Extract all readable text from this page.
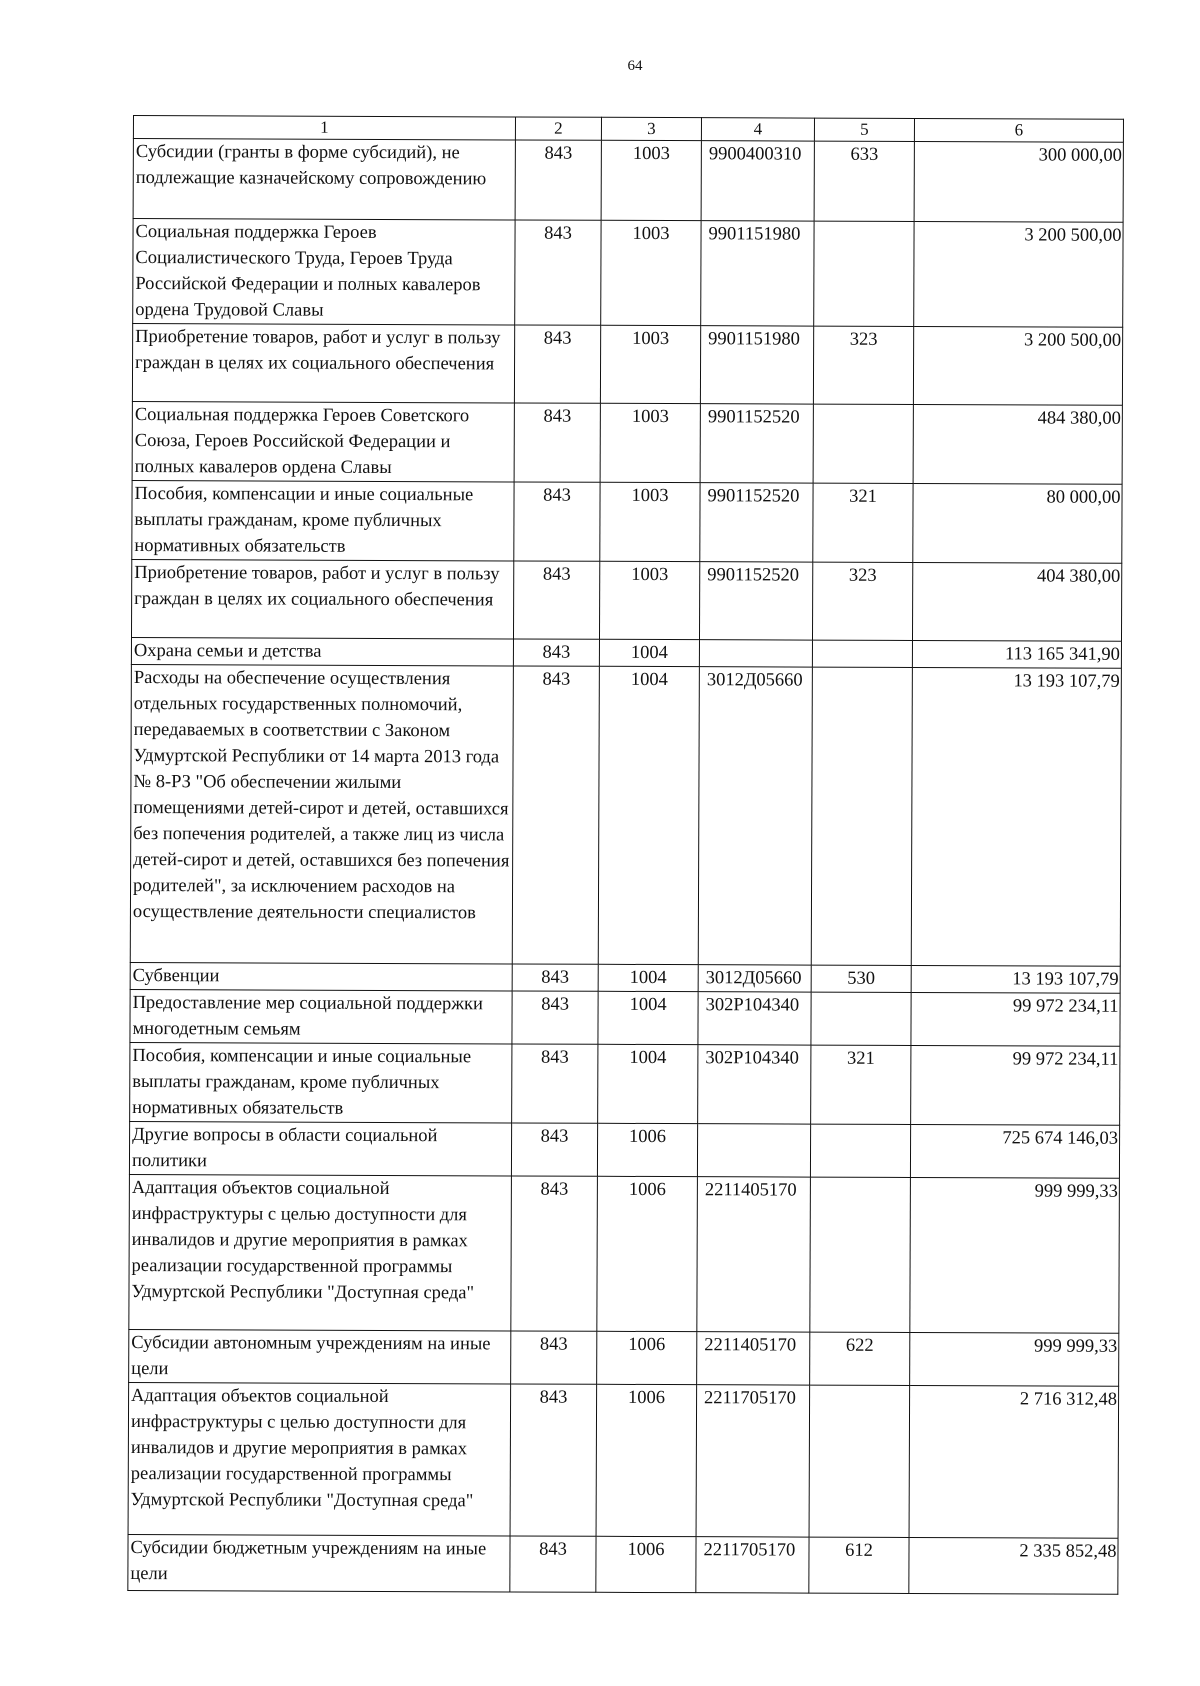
64
1	2	3	4	5	6
Субсидии (гранты в форме субсидий), не подлежащие казначейскому сопровождению	843	1003	9900400310	633	300 000,00
Социальная поддержка Героев Социалистического Труда, Героев Труда Российской Федерации и полных кавалеров ордена Трудовой Славы	843	1003	9901151980		3 200 500,00
Приобретение товаров, работ и услуг в пользу граждан в целях их социального обеспечения	843	1003	9901151980	323	3 200 500,00
Социальная поддержка Героев Советского Союза, Героев Российской Федерации и полных кавалеров ордена Славы	843	1003	9901152520		484 380,00
Пособия, компенсации и иные социальные выплаты гражданам, кроме публичных нормативных обязательств	843	1003	9901152520	321	80 000,00
Приобретение товаров, работ и услуг в пользу граждан в целях их социального обеспечения	843	1003	9901152520	323	404 380,00
Охрана семьи и детства	843	1004			113 165 341,90
Расходы на обеспечение осуществления отдельных государственных полномочий, передаваемых в соответствии с Законом Удмуртской Республики от 14 марта 2013 года № 8-РЗ "Об обеспечении жилыми помещениями детей-сирот и детей, оставшихся без попечения родителей, а также лиц из числа детей-сирот и детей, оставшихся без попечения родителей", за исключением расходов на осуществление деятельности специалистов	843	1004	3012Д05660		13 193 107,79
Субвенции	843	1004	3012Д05660	530	13 193 107,79
Предоставление мер социальной поддержки многодетным семьям	843	1004	302Р104340		99 972 234,11
Пособия, компенсации и иные социальные выплаты гражданам, кроме публичных нормативных обязательств	843	1004	302Р104340	321	99 972 234,11
Другие вопросы в области социальной политики	843	1006			725 674 146,03
Адаптация объектов социальной инфраструктуры с целью доступности для инвалидов и другие мероприятия в рамках реализации государственной программы Удмуртской Республики "Доступная среда"	843	1006	2211405170		999 999,33
Субсидии автономным учреждениям на иные цели	843	1006	2211405170	622	999 999,33
Адаптация объектов социальной инфраструктуры с целью доступности для инвалидов и другие мероприятия в рамках реализации государственной программы Удмуртской Республики "Доступная среда"	843	1006	2211705170		2 716 312,48
Субсидии бюджетным учреждениям на иные цели	843	1006	2211705170	612	2 335 852,48
